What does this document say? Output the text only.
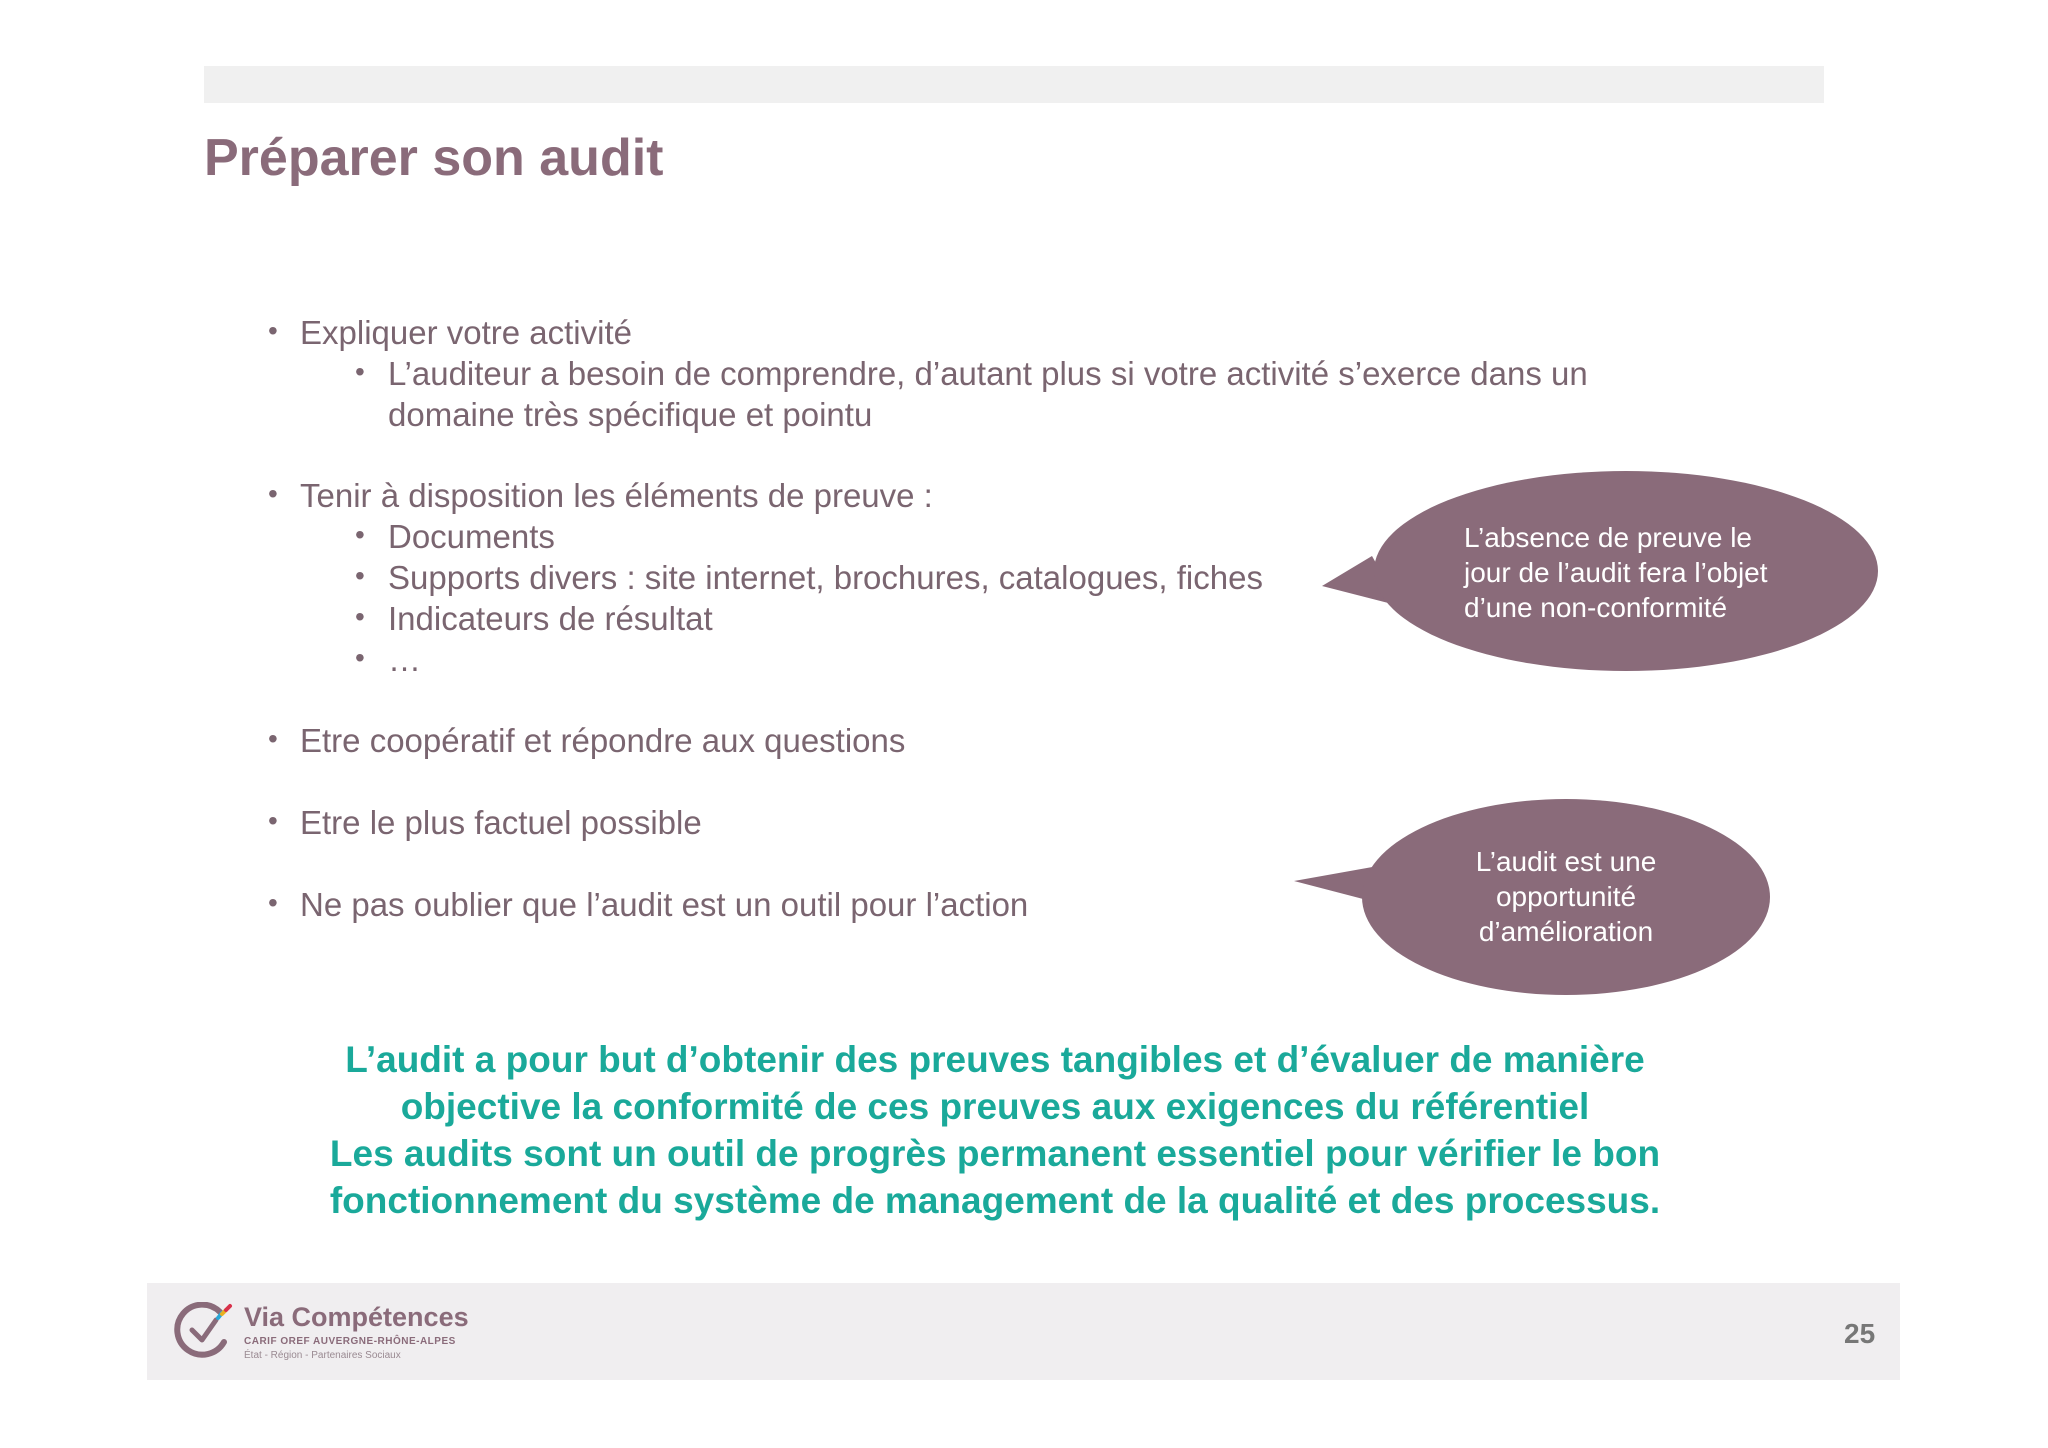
Préparer son audit
• Expliquer votre activité
• L’auditeur a besoin de comprendre, d’autant plus si votre activité s’exerce dans un
domaine très spécifique et pointu
• Tenir à disposition les éléments de preuve :
• Documents
• Supports divers : site internet, brochures, catalogues, fiches
• Indicateurs de résultat
• …
• Etre coopératif et répondre aux questions
• Etre le plus factuel possible
• Ne pas oublier que l’audit est un outil pour l’action
L’absence de preuve le
jour de l’audit fera l’objet
d’une non-conformité
L’audit est une
opportunité
d’amélioration
L’audit a pour but d’obtenir des preuves tangibles et d’évaluer de manière
objective la conformité de ces preuves aux exigences du référentiel
Les audits sont un outil de progrès permanent essentiel pour vérifier le bon
fonctionnement du système de management de la qualité et des processus.
Via Compétences
CARIF OREF AUVERGNE-RHÔNE-ALPES
État - Région - Partenaires Sociaux
25
